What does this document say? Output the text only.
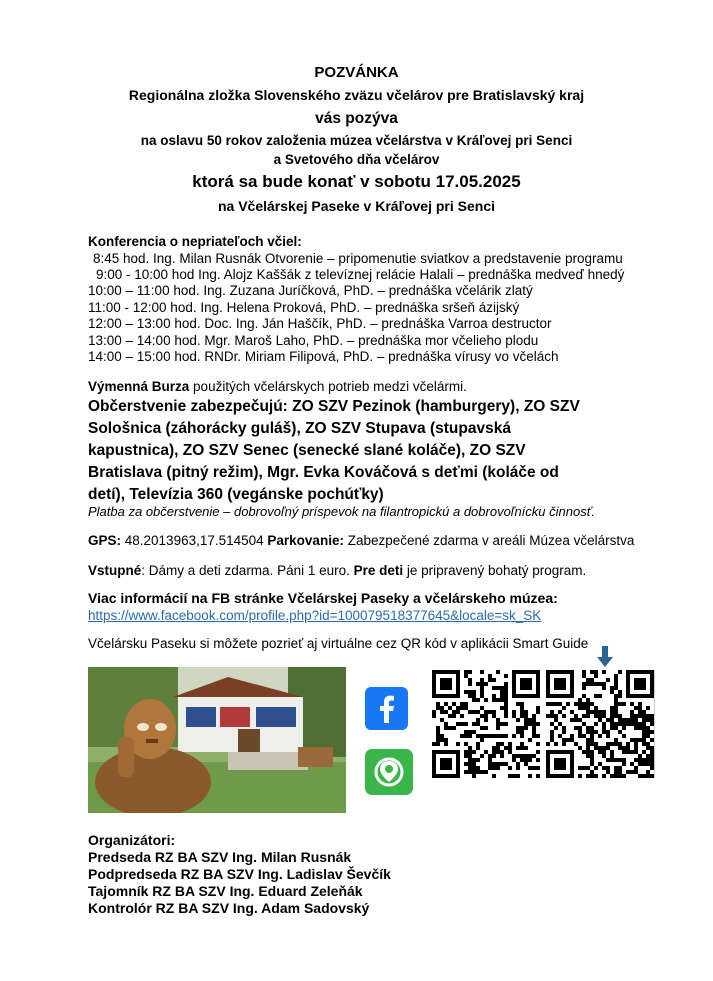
POZVÁNKA
Regionálna zložka Slovenského zväzu včelárov pre Bratislavský kraj
vás pozýva
na oslavu 50 rokov založenia múzea včelárstva v Kráľovej pri Senci
a Svetového dňa včelárov
ktorá sa bude konať v sobotu 17.05.2025
na Včelárskej Paseke v Kráľovej pri Senci
Konferencia o nepriateľoch včiel:
8:45 hod. Ing. Milan Rusnák Otvorenie – pripomenutie sviatkov a predstavenie programu
9:00 - 10:00 hod Ing. Alojz Kaššák z televíznej relácie Halali – prednáška medveď hnedý
10:00 – 11:00 hod. Ing. Zuzana Juríčková, PhD. – prednáška včelárik zlatý
11:00 - 12:00 hod. Ing. Helena Proková, PhD. – prednáška sršeň ázijský
12:00 – 13:00 hod. Doc. Ing. Ján Haščík, PhD. – prednáška Varroa destructor
13:00 – 14:00 hod. Mgr. Maroš Laho, PhD. – prednáška mor včelieho plodu
14:00 – 15:00 hod. RNDr. Miriam Filipová, PhD. – prednáška vírusy vo včelách
Výmenná Burza použitých včelárskych potrieb medzi včelármi.
Občerstvenie zabezpečujú: ZO SZV Pezinok (hamburgery), ZO SZV
Sološnica (záhorácky guláš), ZO SZV Stupava (stupavská
kapustnica), ZO SZV Senec (senecké slané koláče), ZO SZV
Bratislava (pitný režim), Mgr. Evka Kováčová s deťmi (koláče od
detí), Televízia 360 (vegánske pochúťky)
Platba za občerstvenie – dobrovoľný príspevok na filantropickú a dobrovoľnícku činnosť.
GPS: 48.2013963,17.514504 Parkovanie: Zabezpečené zdarma v areáli Múzea včelárstva
Vstupné: Dámy a deti zdarma. Páni 1 euro. Pre deti je pripravený bohatý program.
Viac informácií na FB stránke Včelárskej Paseky a včelárskeho múzea:
https://www.facebook.com/profile.php?id=100079518377645&locale=sk_SK
Včelársku Paseku si môžete pozrieť aj virtuálne cez QR kód v aplikácii Smart Guide
Organizátori:
Predseda RZ BA SZV Ing. Milan Rusnák
Podpredseda RZ BA SZV Ing. Ladislav Ševčík
Tajomník RZ BA SZV Ing. Eduard Zeleňák
Kontrolór RZ BA SZV Ing. Adam Sadovský
